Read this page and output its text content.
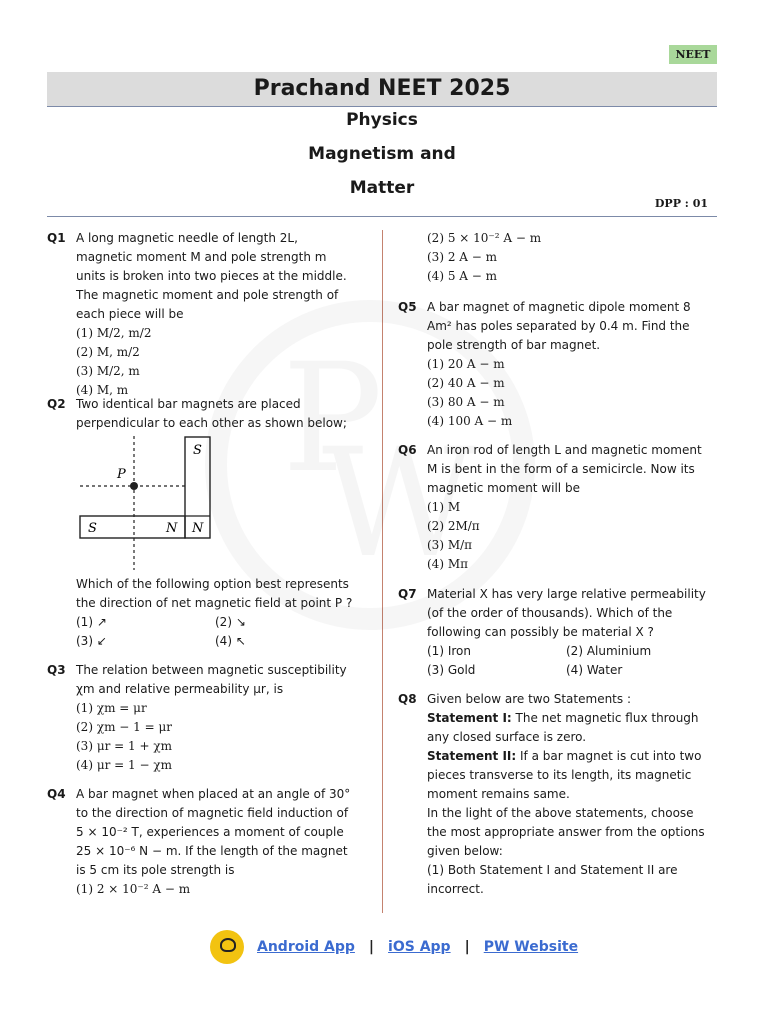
NEET
Prachand NEET 2025
Physics
Magnetism and
Matter
DPP : 01
Q1 A long magnetic needle of length 2L, magnetic moment M and pole strength m units is broken into two pieces at the middle. The magnetic moment and pole strength of each piece will be
(1) M/2, m/2
(2) M, m/2
(3) M/2, m
(4) M, m
Q2 Two identical bar magnets are placed perpendicular to each other as shown below;
S
P
S	N N
Which of the following option best represents the direction of net magnetic field at point P ?
(1) ↗	(2) ↘
(3) ↙	(4) ↖
Q3 The relation between magnetic susceptibility χm and relative permeability μr, is
(1) χm = μr
(2) χm − 1 = μr
(3) μr = 1 + χm
(4) μr = 1 − χm
Q4 A bar magnet when placed at an angle of 30° to the direction of magnetic field induction of 5 × 10⁻² T, experiences a moment of couple 25 × 10⁻⁶ N − m. If the length of the magnet is 5 cm its pole strength is
(1) 2 × 10⁻² A − m
(2) 5 × 10⁻² A − m
(3) 2 A − m
(4) 5 A − m
Q5 A bar magnet of magnetic dipole moment 8 Am² has poles separated by 0.4 m. Find the pole strength of bar magnet.
(1) 20 A − m
(2) 40 A − m
(3) 80 A − m
(4) 100 A − m
Q6 An iron rod of length L and magnetic moment M is bent in the form of a semicircle. Now its magnetic moment will be
(1) M
(2) 2M/π
(3) M/π
(4) Mπ
Q7 Material X has very large relative permeability (of the order of thousands). Which of the following can possibly be material X ?
(1) Iron	(2) Aluminium
(3) Gold	(4) Water
Q8 Given below are two Statements :
Statement I: The net magnetic flux through any closed surface is zero.
Statement II: If a bar magnet is cut into two pieces transverse to its length, its magnetic moment remains same.
In the light of the above statements, choose the most appropriate answer from the options given below:
(1) Both Statement I and Statement II are incorrect.
Android App | iOS App | PW Website
